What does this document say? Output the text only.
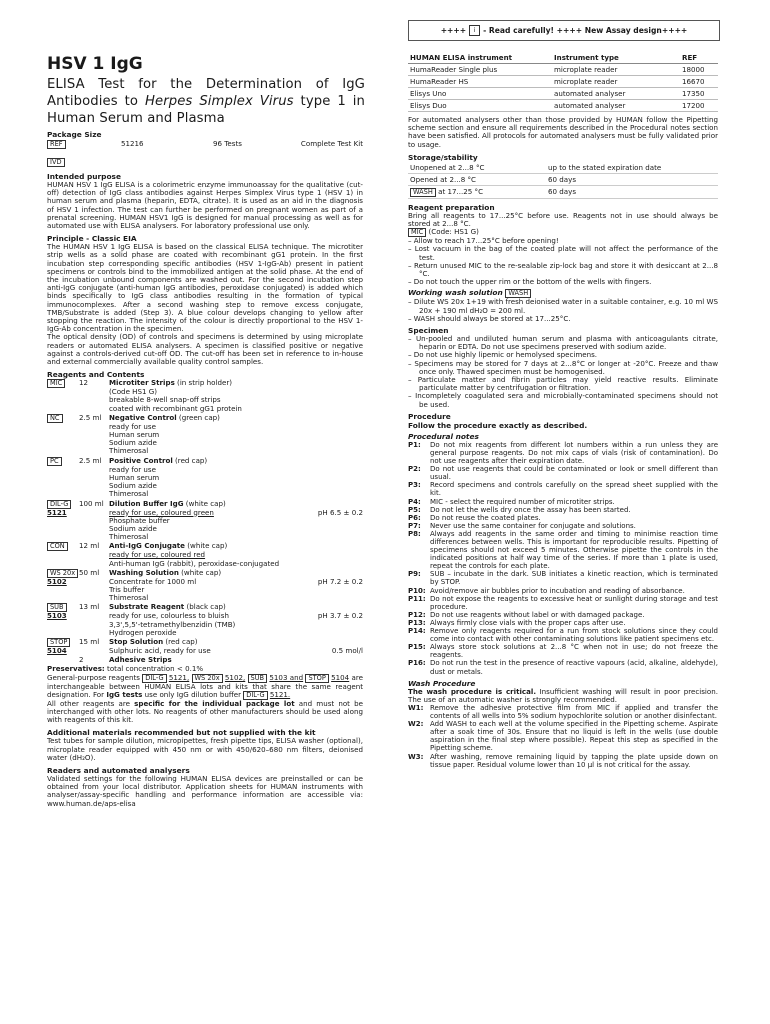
++++	i	- Read carefully! ++++ New Assay design++++
HSV 1 IgG

ELISA Test for the Determination of IgG Antibodies to Herpes Simplex Virus type 1 in Human Serum and Plasma

Package Size

REF	51216	96 Tests	Complete Test Kit
IVD

Intended purpose

HUMAN HSV 1 IgG ELISA is a colorimetric enzyme immunoassay for the qualitative (cut-off) detection of IgG class antibodies against Herpes Simplex Virus type 1 (HSV 1) in human serum and plasma (heparin, EDTA, citrate). It is used as an aid in the diagnosis of HSV 1 infection. The test can further be performed on pregnant women as part of a prenatal screening. HUMAN HSV1 IgG is designed for manual processing as well as for automated use with ELISA analysers. For laboratory professional use only.

Principle - Classic EIA

The HUMAN HSV 1 IgG ELISA is based on the classical ELISA technique. The microtiter strip wells as a solid phase are coated with recombinant gG1 protein. In the first incubation step corresponding specific antibodies (HSV 1-IgG-Ab) present in patient specimens or controls bind to the immobilized antigen at the solid phase. At the end of the incubation unbound components are washed out. For the second incubation step anti-IgG conjugate (anti-human IgG antibodies, peroxidase conjugated) is added which binds specifically to IgG class antibodies resulting in the formation of typical immunocomplexes. After a second washing step to remove excess conjugate, TMB/Substrate is added (Step 3). A blue colour develops changing to yellow after stopping the reaction. The intensity of the colour is directly proportional to the HSV 1-IgG-Ab concentration in the specimen.

The optical density (OD) of controls and specimens is determined by using microplate readers or automated ELISA analysers. A specimen is classified positive or negative against a controls-derived cut-off OD. The cut-off has been set in reference to in-house and external commercially available quality control samples.

Reagents and Contents

MIC	12	Microtiter Strips (in strip holder)
(Code HS1 G)
breakable 8-well snap-off strips
coated with recombinant gG1 protein
NC	2.5 ml	Negative Control (green cap)
ready for use
Human serum
Sodium azide
Thimerosal
PC	2.5 ml	Positive Control (red cap)
ready for use
Human serum
Sodium azide
Thimerosal
DIL-G	100 ml Dilution Buffer IgG (white cap)
5121	ready for use, coloured green	pH 6.5 ± 0.2
Phosphate buffer
Sodium azide
Thimerosal
CON	12 ml	Anti-IgG Conjugate (white cap)
ready for use, coloured red
Anti-human IgG (rabbit), peroxidase-conjugated
WS 20x 50 ml	Washing Solution (white cap)
5102	Concentrate for 1000 ml	pH 7.2 ± 0.2
Tris buffer
Thimerosal
SUB	13 ml	Substrate Reagent (black cap)
5103	ready for use, colourless to bluish	pH 3.7 ± 0.2
3,3',5,5'-tetramethylbenzidin (TMB)
Hydrogen peroxide
STOP	15 ml	Stop Solution (red cap)
5104	Sulphuric acid, ready for use	0.5 mol/l
2	Adhesive Strips

Preservatives: total concentration < 0.1%

General-purpose reagents DIL-G 5121, WS 20x 5102, SUB 5103 and STOP 5104 are interchangeable between HUMAN ELISA lots and kits that share the same reagent designation. For IgG tests use only IgG dilution buffer DIL-G 5121.

All other reagents are specific for the individual package lot and must not be interchanged with other lots. No reagents of other manufacturers should be used along with reagents of this kit.

Additional materials recommended but not supplied with the kit

Test tubes for sample dilution, micropipettes, fresh pipette tips, ELISA washer (optional), microplate reader equipped with 450 nm or with 450/620–680 nm filters, deionised water (dH₂O).

Readers and automated analysers

Validated settings for the following HUMAN ELISA devices are preinstalled or can be obtained from your local distributor. Application sheets for HUMAN instruments with analyser/assay-specific handling and performance information are accessible via: www.human.de/aps-elisa

HUMAN ELISA instrument	Instrument type	REF
HumaReader Single plus	microplate reader	18000
HumaReader HS	microplate reader	16670
Elisys Uno	automated analyser	17350
Elisys Duo	automated analyser	17200

For automated analysers other than those provided by HUMAN follow the Pipetting scheme section and ensure all requirements described in the Procedural notes section have been satisfied. All protocols for automated analysers must be fully validated prior to usage.

Storage/stability

Unopened at 2...8 °C	up to the stated expiration date
Opened at 2...8 °C	60 days
WASH at 17...25 °C	60 days

Reagent preparation

Bring all reagents to 17...25°C before use. Reagents not in use should always be stored at 2...8 °C.

MIC (Code: HS1 G)

– Allow to reach 17...25°C before opening!

– Lost vacuum in the bag of the coated plate will not affect the performance of the test.

– Return unused MIC to the re-sealable zip-lock bag and store it with desiccant at 2...8 °C.

– Do not touch the upper rim or the bottom of the wells with fingers.

Working wash solution WASH

– Dilute WS 20x 1+19 with fresh deionised water in a suitable container, e.g. 10 ml WS 20x + 190 ml dH₂O = 200 ml.

– WASH should always be stored at 17...25°C.

Specimen

– Un-pooled and undiluted human serum and plasma with anticoagulants citrate, heparin or EDTA. Do not use specimens preserved with sodium azide.

– Do not use highly lipemic or hemolysed specimens.

– Specimens may be stored for 7 days at 2...8°C or longer at -20°C. Freeze and thaw once only. Thawed specimen must be homogenised.

– Particulate matter and fibrin particles may yield reactive results. Eliminate particulate matter by centrifugation or filtration.

– Incompletely coagulated sera and microbially-contaminated specimens should not be used.

Procedure

Follow the procedure exactly as described.

Procedural notes

P1:	Do not mix reagents from different lot numbers within a run unless they are general purpose reagents. Do not mix caps of vials (risk of contamination). Do not use reagents after their expiration date.
P2:	Do not use reagents that could be contaminated or look or smell different than usual.
P3:	Record specimens and controls carefully on the spread sheet supplied with the kit.
P4:	MIC - select the required number of microtiter strips.
P5:	Do not let the wells dry once the assay has been started.
P6:	Do not reuse the coated plates.
P7:	Never use the same container for conjugate and solutions.
P8:	Always add reagents in the same order and timing to minimise reaction time differences between wells. This is important for reproducible results. Pipetting of specimens should not exceed 5 minutes. Otherwise pipette the controls in the indicated positions at half way time of the series. If more than 1 plate is used, repeat the controls for each plate.
P9:	SUB – incubate in the dark. SUB initiates a kinetic reaction, which is terminated by STOP.
P10: Avoid/remove air bubbles prior to incubation and reading of absorbance.
P11: Do not expose the reagents to excessive heat or sunlight during storage and test procedure.
P12: Do not use reagents without label or with damaged package.
P13: Always firmly close vials with the proper caps after use.
P14: Remove only reagents required for a run from stock solutions since they could come into contact with other contaminating solutions like patient specimens etc.
P15: Always store stock solutions at 2...8 °C when not in use; do not freeze the reagents.
P16: Do not run the test in the presence of reactive vapours (acid, alkaline, aldehyde), dust or metals.

Wash Procedure

The wash procedure is critical. Insufficient washing will result in poor precision. The use of an automatic washer is strongly recommended.

W1: Remove the adhesive protective film from MIC if applied and transfer the contents of all wells into 5% sodium hypochlorite solution or another disinfectant.
W2: Add WASH to each well at the volume specified in the Pipetting scheme. Aspirate after a soak time of 30s. Ensure that no liquid is left in the wells (use double aspiration in the final step where possible). Repeat this step as specified in the Pipetting scheme.
W3: After washing, remove remaining liquid by tapping the plate upside down on tissue paper. Residual volume lower than 10 µl is not critical for the assay.
